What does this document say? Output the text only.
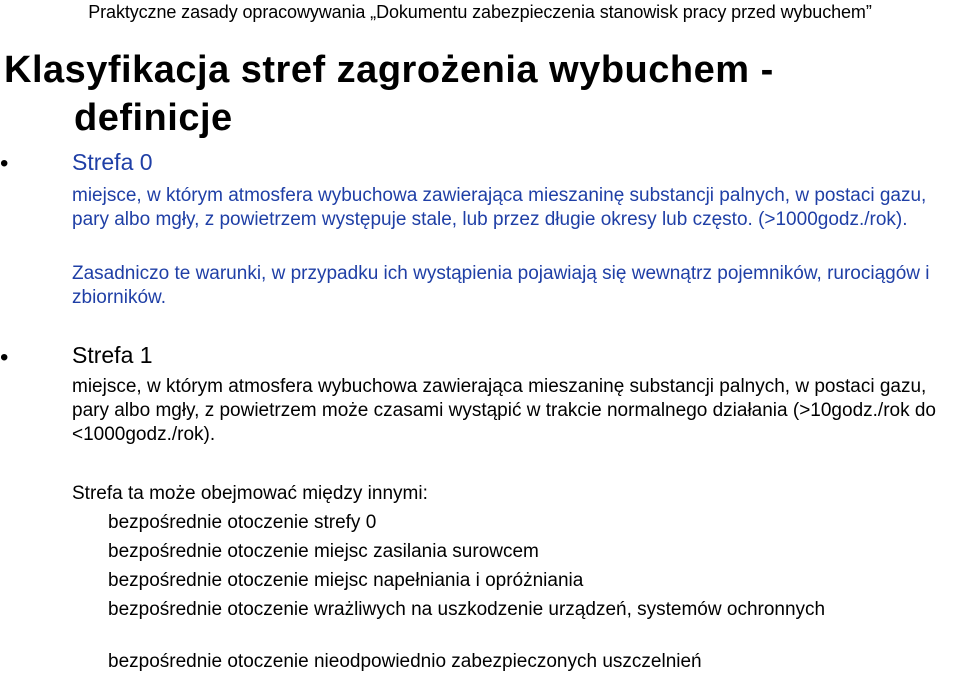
Praktyczne zasady opracowywania „Dokumentu zabezpieczenia stanowisk pracy przed wybuchem”
Klasyfikacja stref zagrożenia wybuchem -
definicje
•	Strefa 0
miejsce, w którym atmosfera wybuchowa zawierająca mieszaninę substancji palnych, w postaci gazu, pary albo mgły, z powietrzem występuje stale, lub przez długie okresy lub często. (>1000godz./rok).
Zasadniczo te warunki, w przypadku ich wystąpienia pojawiają się wewnątrz pojemników, rurociągów i zbiorników.
•	Strefa 1
miejsce, w którym atmosfera wybuchowa zawierająca mieszaninę substancji palnych, w postaci gazu, pary albo mgły, z powietrzem może czasami wystąpić w trakcie normalnego działania (>10godz./rok do <1000godz./rok).
Strefa ta może obejmować między innymi:
bezpośrednie otoczenie strefy 0
bezpośrednie otoczenie miejsc zasilania surowcem
bezpośrednie otoczenie miejsc napełniania i opróżniania
bezpośrednie otoczenie wrażliwych na uszkodzenie urządzeń, systemów ochronnych
bezpośrednie otoczenie nieodpowiednio zabezpieczonych uszczelnień
